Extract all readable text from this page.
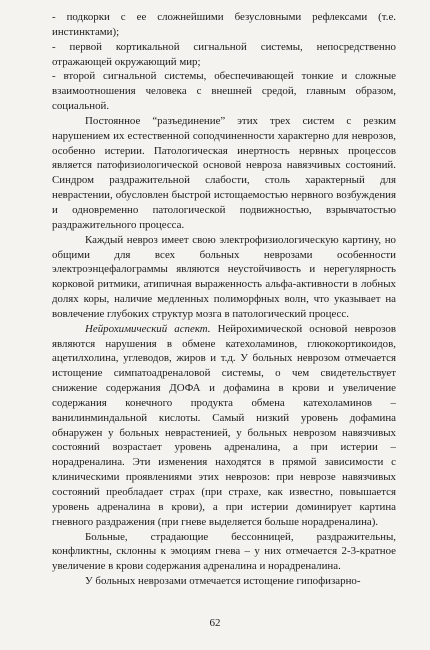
- подкорки с ее сложнейшими безусловными рефлексами (т.е. инстинктами);

- первой кортикальной сигнальной системы, непосредственно отражающей окружающий мир;

- второй сигнальной системы, обеспечивающей тонкие и сложные взаимоотношения человека с внешней средой, главным образом, социальной.

Постоянное “разъединение” этих трех систем с резким нарушением их естественной соподчиненности характерно для неврозов, особенно истерии. Патологическая инертность нервных процессов является патофизиологической основой невроза навязчивых состояний. Синдром раздражительной слабости, столь характерный для неврастении, обусловлен быстрой истощаемостью нервного возбуждения и одновременно патологической подвижностью, взрывчатостью раздражительного процесса.

Каждый невроз имеет свою электрофизиологическую картину, но общими для всех больных неврозами особенности электроэнцефалограммы являются неустойчивость и нерегулярность корковой ритмики, атипичная выраженность альфа-активности в лобных долях коры, наличие медленных полиморфных волн, что указывает на вовлечение глубоких структур мозга в патологический процесс.

Нейрохимический аспект. Нейрохимической основой неврозов являются нарушения в обмене катехоламинов, глюкокортикоидов, ацетилхолина, углеводов, жиров и т.д. У больных неврозом отмечается истощение симпатоадреналовой системы, о чем свидетельствует снижение содержания ДОФА и дофамина в крови и увеличение содержания конечного продукта обмена катехоламинов – ванилинминдальной кислоты. Самый низкий уровень дофамина обнаружен у больных неврастенией, у больных неврозом навязчивых состояний возрастает уровень адреналина, а при истерии – норадреналина. Эти изменения находятся в прямой зависимости с клиническими проявлениями этих неврозов: при неврозе навязчивых состояний преобладает страх (при страхе, как известно, повышается уровень адреналина в крови), а при истерии доминирует картина гневного раздражения (при гневе выделяется больше норадреналина).

Больные, страдающие бессонницей, раздражительны, конфликтны, склонны к эмоциям гнева – у них отмечается 2-3-кратное увеличение в крови содержания адреналина и норадреналина.

У больных неврозами отмечается истощение гипофизарно-

62
